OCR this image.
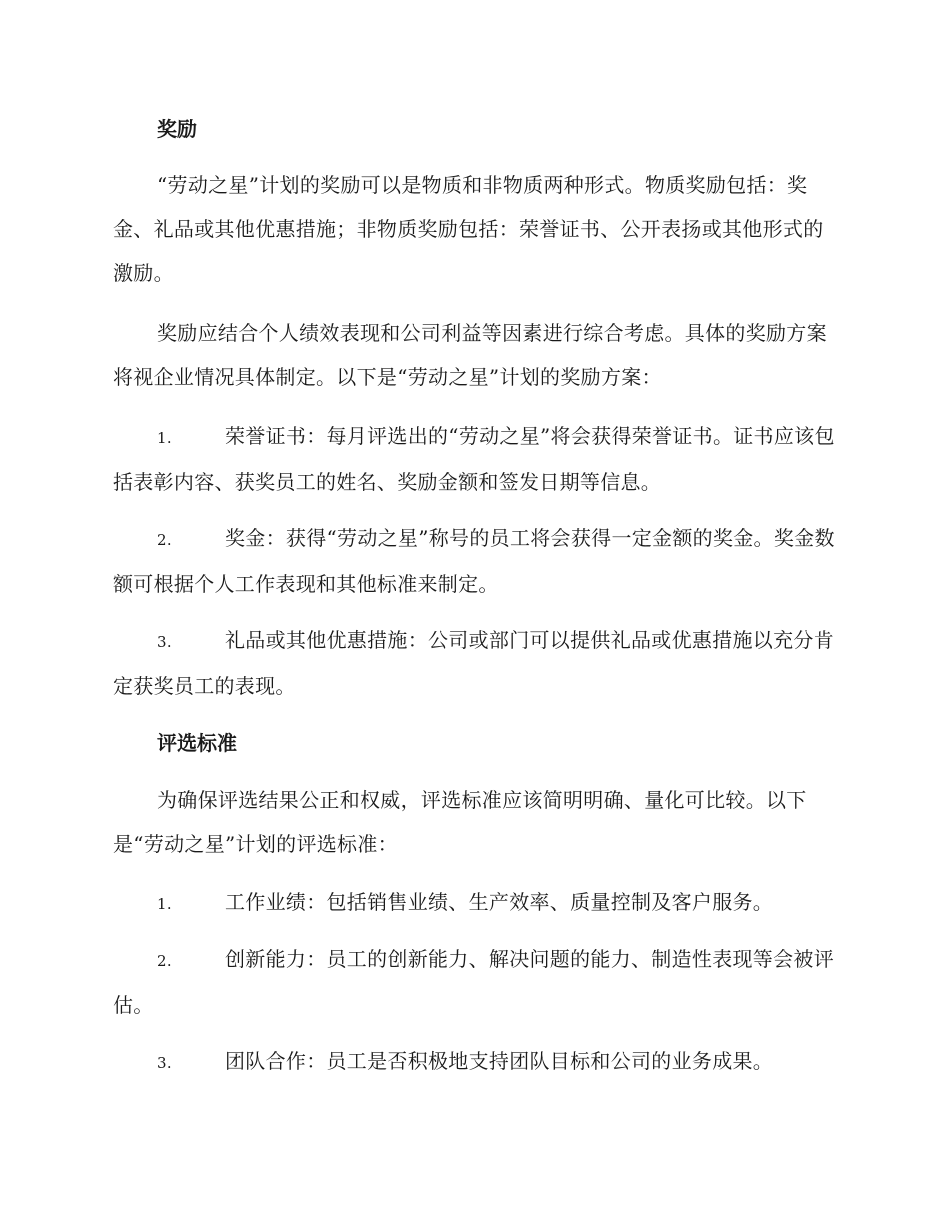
奖励

“劳动之星”计划的奖励可以是物质和非物质两种形式。物质奖励包括：奖金、礼品或其他优惠措施；非物质奖励包括：荣誉证书、公开表扬或其他形式的激励。

奖励应结合个人绩效表现和公司利益等因素进行综合考虑。具体的奖励方案将视企业情况具体制定。以下是“劳动之星”计划的奖励方案：

1.	荣誉证书：每月评选出的“劳动之星”将会获得荣誉证书。证书应该包括表彰内容、获奖员工的姓名、奖励金额和签发日期等信息。
2.	奖金：获得“劳动之星”称号的员工将会获得一定金额的奖金。奖金数额可根据个人工作表现和其他标准来制定。
3.	礼品或其他优惠措施：公司或部门可以提供礼品或优惠措施以充分肯定获奖员工的表现。
评选标准

为确保评选结果公正和权威，评选标准应该简明明确、量化可比较。以下是“劳动之星”计划的评选标准：

1.	工作业绩：包括销售业绩、生产效率、质量控制及客户服务。
2.	创新能力：员工的创新能力、解决问题的能力、制造性表现等会被评估。
3.	团队合作：员工是否积极地支持团队目标和公司的业务成果。
